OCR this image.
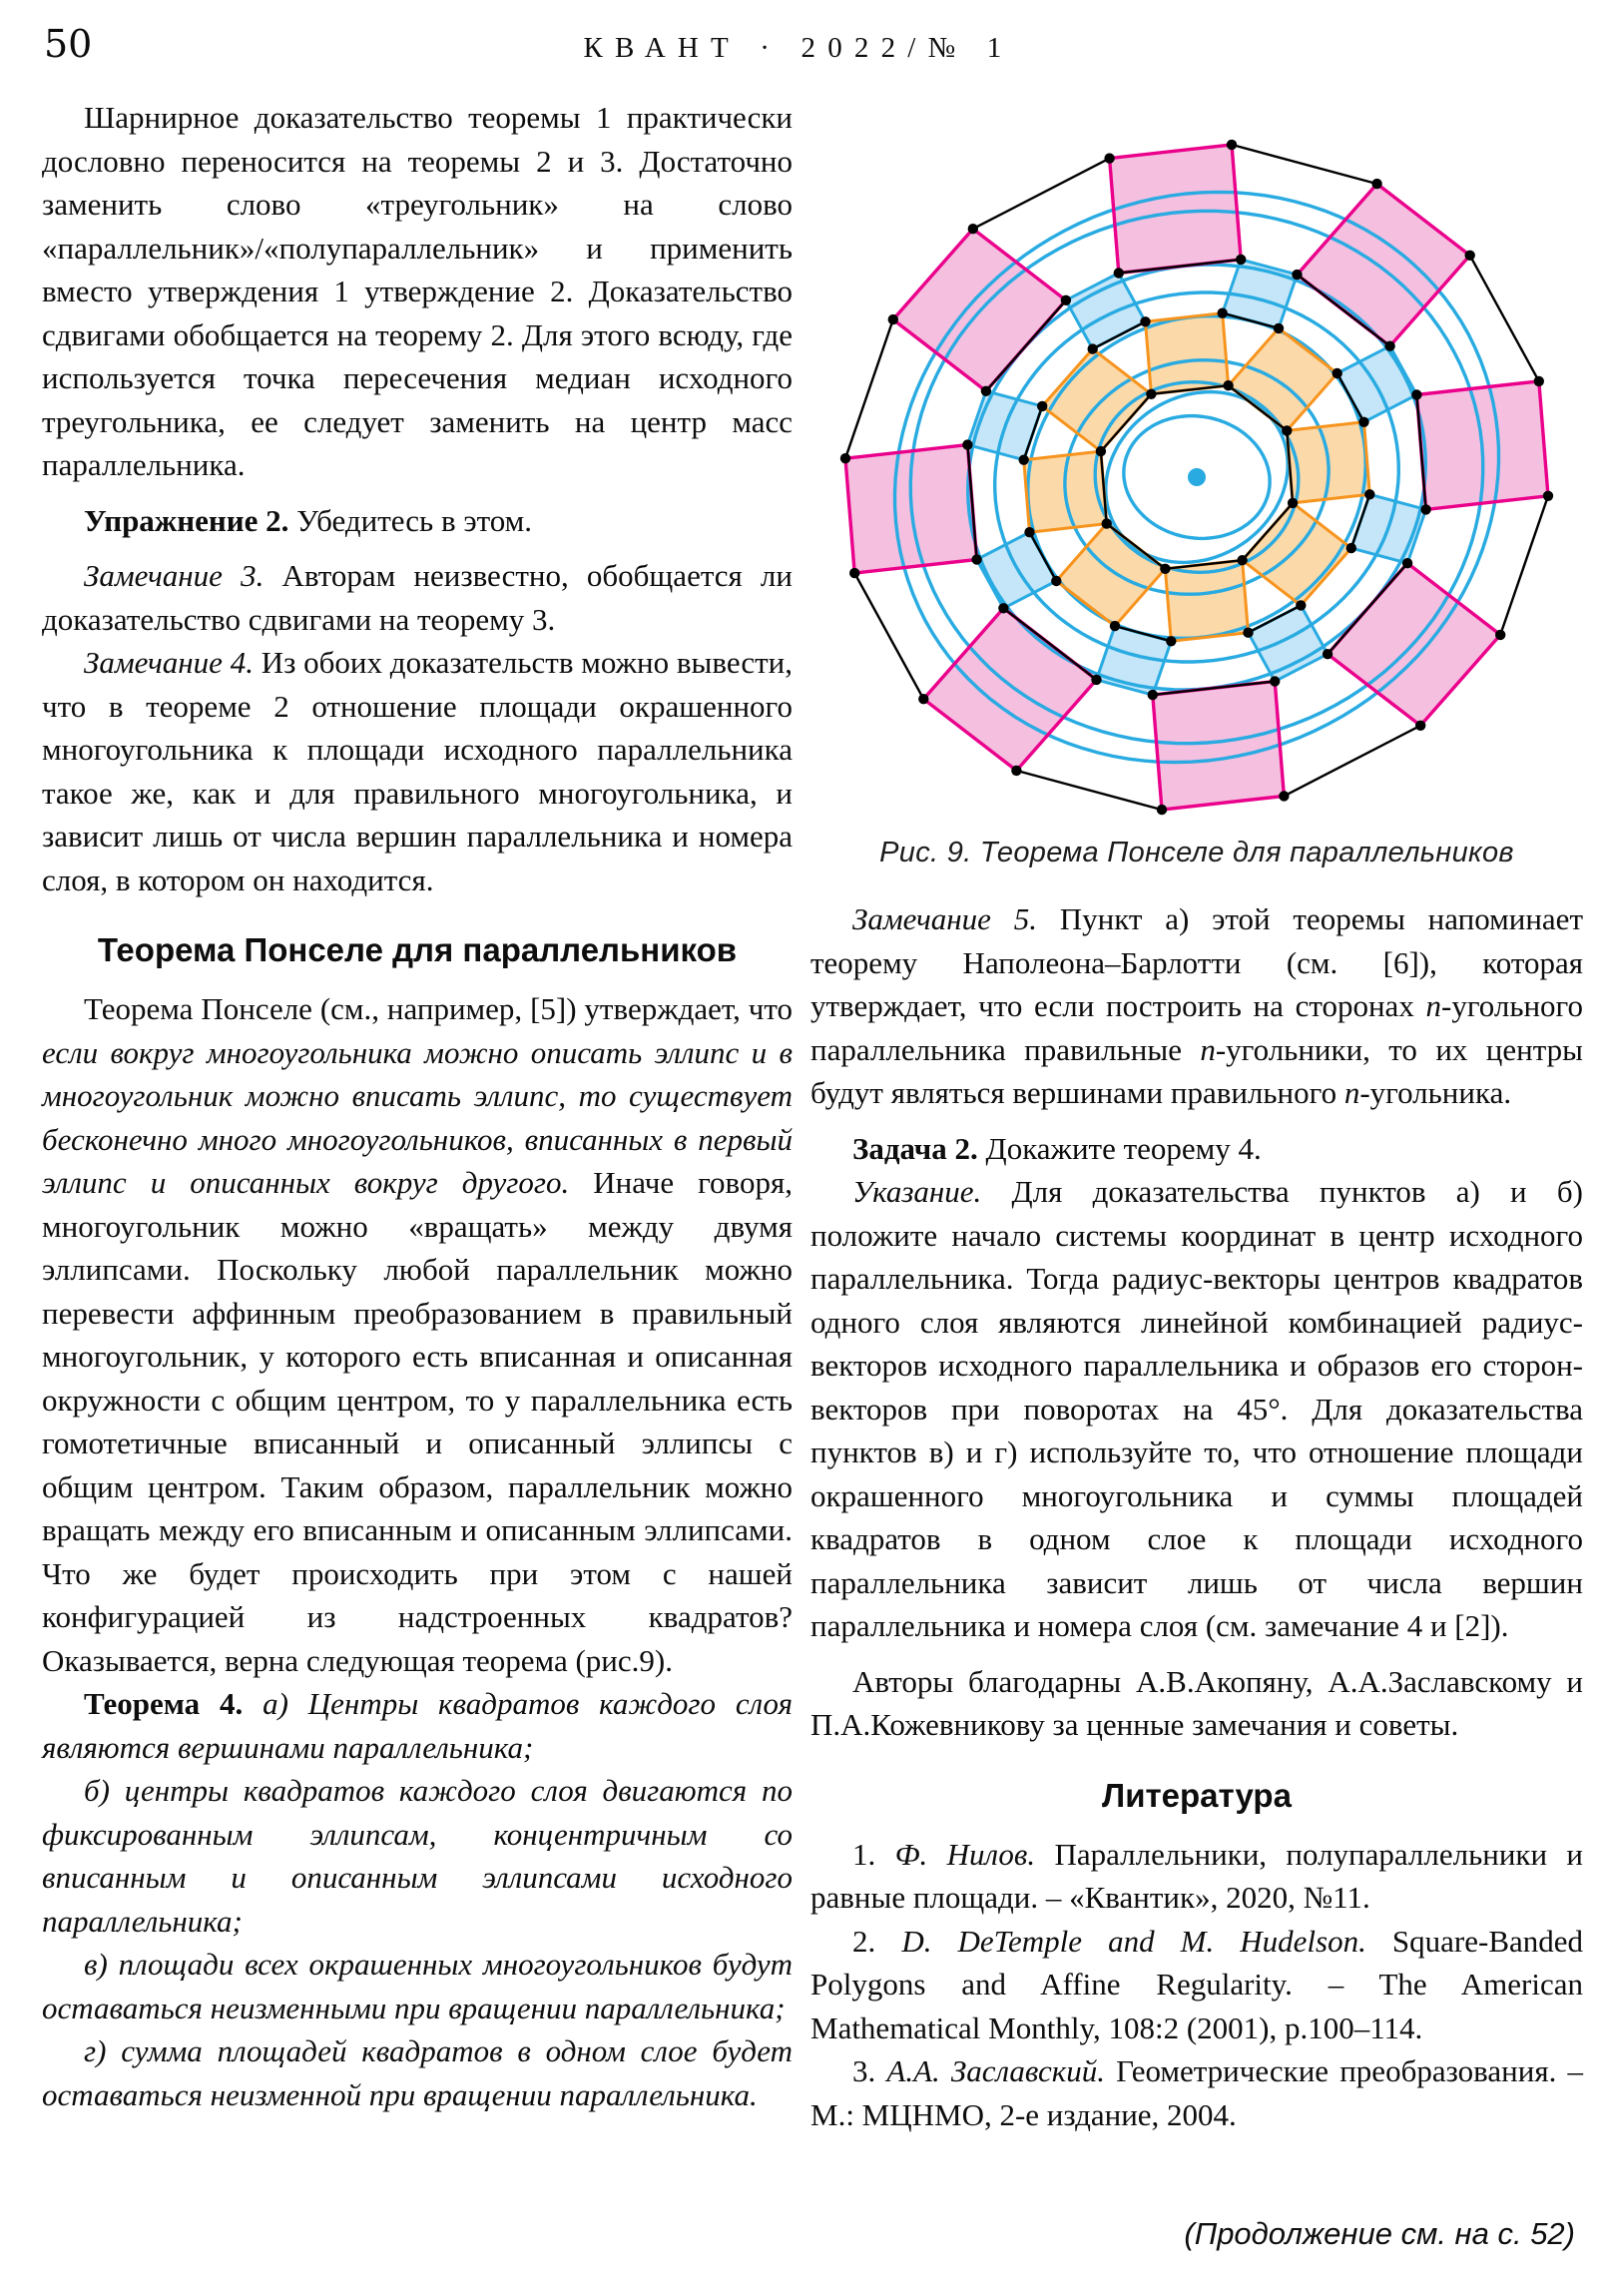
50	КВАНТ · 2022/№ 1

Шарнирное доказательство теоремы 1 практически дословно переносится на теоремы 2 и 3. Достаточно заменить слово «треугольник» на слово «параллельник»/«полупараллельник» и применить вместо утверждения 1 утверждение 2. Доказательство сдвигами обобщается на теорему 2. Для этого всюду, где используется точка пересечения медиан исходного треугольника, ее следует заменить на центр масс параллельника.

Упражнение 2. Убедитесь в этом.

Замечание 3. Авторам неизвестно, обобщается ли доказательство сдвигами на теорему 3.

Замечание 4. Из обоих доказательств можно вывести, что в теореме 2 отношение площади окрашенного многоугольника к площади исходного параллельника такое же, как и для правильного многоугольника, и зависит лишь от числа вершин параллельника и номера слоя, в котором он находится.

Теорема Понселе для параллельников

Теорема Понселе (см., например, [5]) утверждает, что если вокруг многоугольника можно описать эллипс и в многоугольник можно вписать эллипс, то существует бесконечно много многоугольников, вписанных в первый эллипс и описанных вокруг другого. Иначе говоря, многоугольник можно «вращать» между двумя эллипсами. Поскольку любой параллельник можно перевести аффинным преобразованием в правильный многоугольник, у которого есть вписанная и описанная окружности с общим центром, то у параллельника есть гомотетичные вписанный и описанный эллипсы с общим центром. Таким образом, параллельник можно вращать между его вписанным и описанным эллипсами. Что же будет происходить при этом с нашей конфигурацией из надстроенных квадратов? Оказывается, верна следующая теорема (рис.9).

Теорема 4. а) Центры квадратов каждого слоя являются вершинами параллельника;

б) центры квадратов каждого слоя двигаются по фиксированным эллипсам, концентричным со вписанным и описанным эллипсами исходного параллельника;

в) площади всех окрашенных многоугольников будут оставаться неизменными при вращении параллельника;

г) сумма площадей квадратов в одном слое будет оставаться неизменной при вращении параллельника.

Рис. 9. Теорема Понселе для параллельников

Замечание 5. Пункт а) этой теоремы напоминает теорему Наполеона–Барлотти (см. [6]), которая утверждает, что если построить на сторонах n-угольного параллельника правильные n-угольники, то их центры будут являться вершинами правильного n-угольника.

Задача 2. Докажите теорему 4.

Указание. Для доказательства пунктов а) и б) положите начало системы координат в центр исходного параллельника. Тогда радиус-векторы центров квадратов одного слоя являются линейной комбинацией радиус-векторов исходного параллельника и образов его сторон-векторов при поворотах на 45°. Для доказательства пунктов в) и г) используйте то, что отношение площади окрашенного многоугольника и суммы площадей квадратов в одном слое к площади исходного параллельника зависит лишь от числа вершин параллельника и номера слоя (см. замечание 4 и [2]).

Авторы благодарны А.В.Акопяну, А.А.Заславскому и П.А.Кожевникову за ценные замечания и советы.

Литература

1. Ф. Нилов. Параллельники, полупараллельники и равные площади. – «Квантик», 2020, №11.

2. D. DeTemple and M. Hudelson. Square-Banded Polygons and Affine Regularity. – The American Mathematical Monthly, 108:2 (2001), p.100–114.

3. А.А. Заславский. Геометрические преобразования. – М.: МЦНМО, 2-е издание, 2004.

(Продолжение см. на с. 52)
